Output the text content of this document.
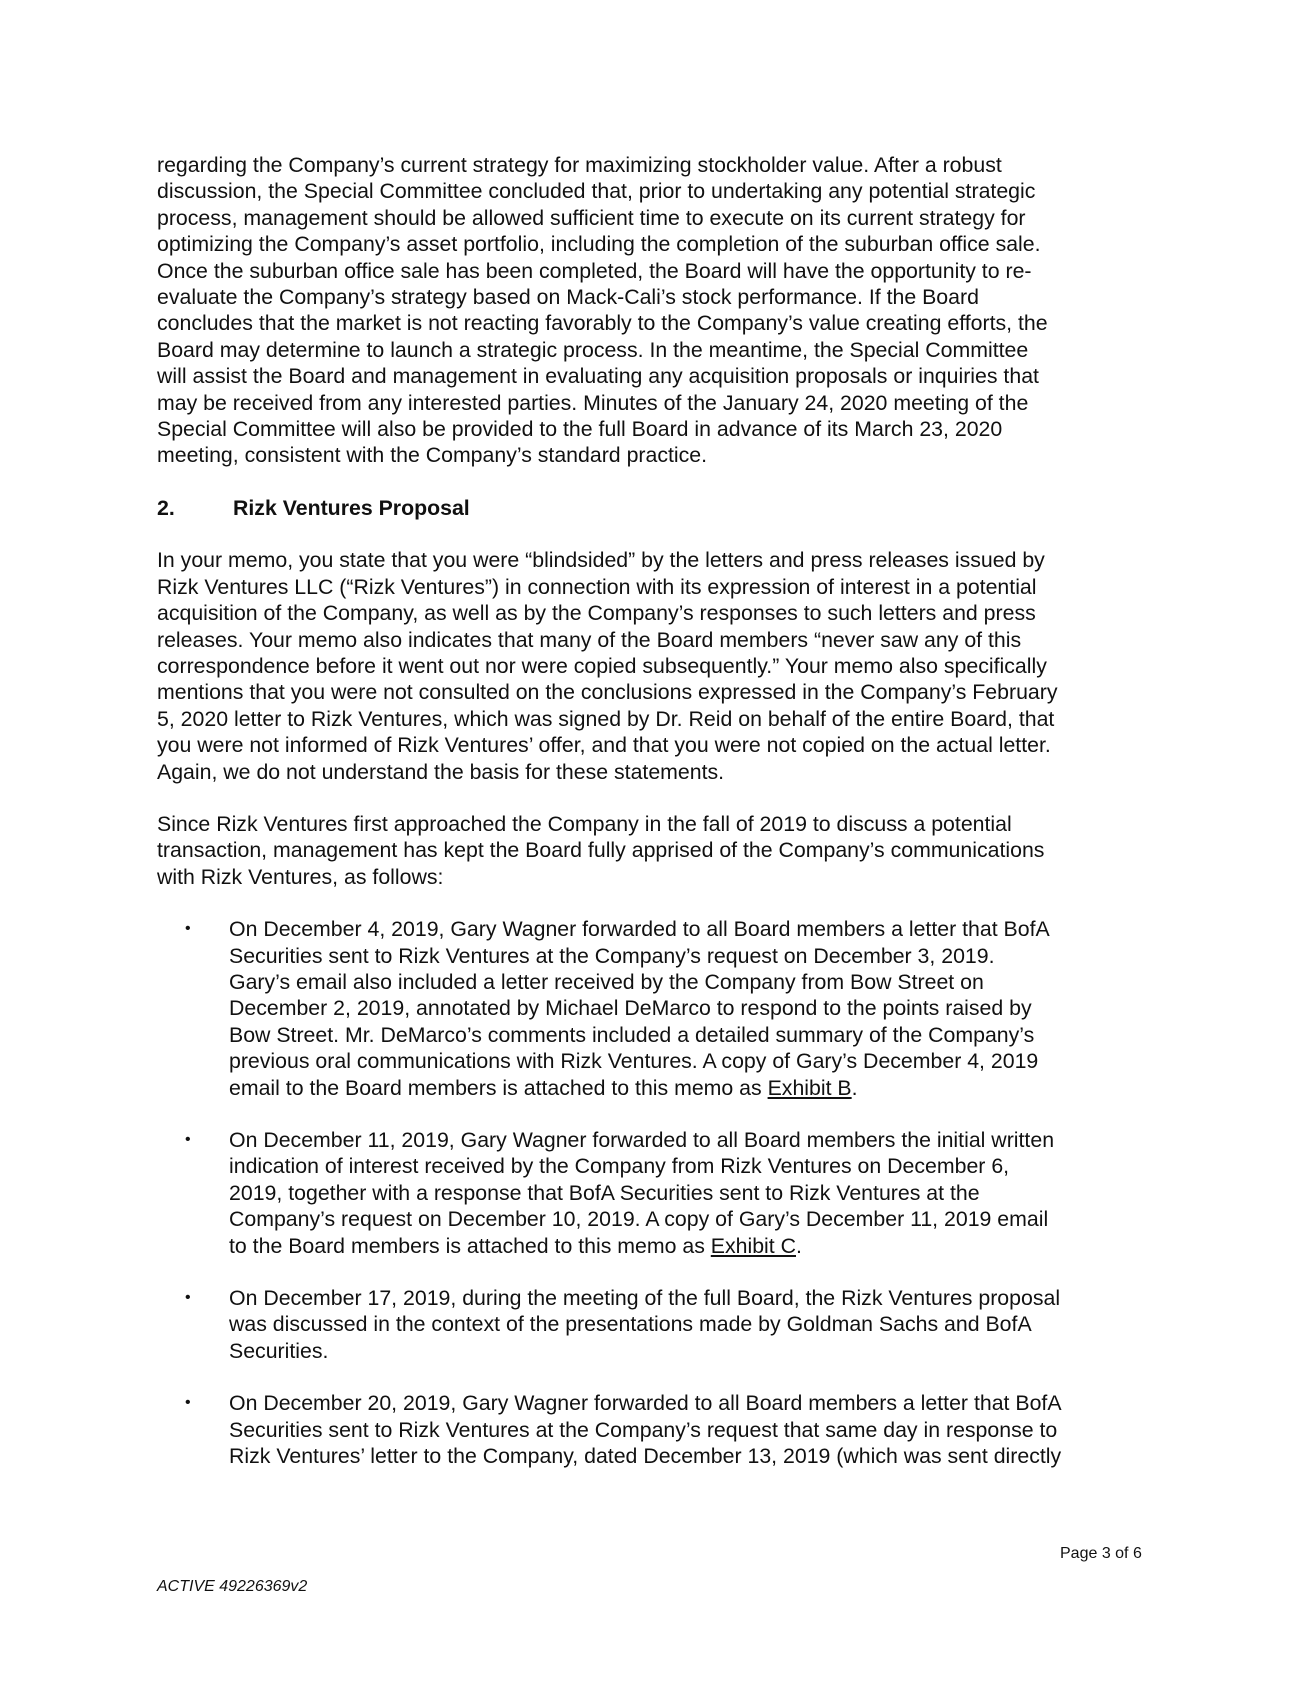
regarding the Company’s current strategy for maximizing stockholder value. After a robust
discussion, the Special Committee concluded that, prior to undertaking any potential strategic
process, management should be allowed sufficient time to execute on its current strategy for
optimizing the Company’s asset portfolio, including the completion of the suburban office sale.
Once the suburban office sale has been completed, the Board will have the opportunity to re-
evaluate the Company’s strategy based on Mack-Cali’s stock performance. If the Board
concludes that the market is not reacting favorably to the Company’s value creating efforts, the
Board may determine to launch a strategic process. In the meantime, the Special Committee
will assist the Board and management in evaluating any acquisition proposals or inquiries that
may be received from any interested parties. Minutes of the January 24, 2020 meeting of the
Special Committee will also be provided to the full Board in advance of its March 23, 2020
meeting, consistent with the Company’s standard practice.

2.	Rizk Ventures Proposal

In your memo, you state that you were “blindsided” by the letters and press releases issued by
Rizk Ventures LLC (“Rizk Ventures”) in connection with its expression of interest in a potential
acquisition of the Company, as well as by the Company’s responses to such letters and press
releases. Your memo also indicates that many of the Board members “never saw any of this
correspondence before it went out nor were copied subsequently.” Your memo also specifically
mentions that you were not consulted on the conclusions expressed in the Company’s February
5, 2020 letter to Rizk Ventures, which was signed by Dr. Reid on behalf of the entire Board, that
you were not informed of Rizk Ventures’ offer, and that you were not copied on the actual letter.
Again, we do not understand the basis for these statements.

Since Rizk Ventures first approached the Company in the fall of 2019 to discuss a potential
transaction, management has kept the Board fully apprised of the Company’s communications
with Rizk Ventures, as follows:

• On December 4, 2019, Gary Wagner forwarded to all Board members a letter that BofA
Securities sent to Rizk Ventures at the Company’s request on December 3, 2019.
Gary’s email also included a letter received by the Company from Bow Street on
December 2, 2019, annotated by Michael DeMarco to respond to the points raised by
Bow Street. Mr. DeMarco’s comments included a detailed summary of the Company’s
previous oral communications with Rizk Ventures. A copy of Gary’s December 4, 2019
email to the Board members is attached to this memo as Exhibit B.
• On December 11, 2019, Gary Wagner forwarded to all Board members the initial written
indication of interest received by the Company from Rizk Ventures on December 6,
2019, together with a response that BofA Securities sent to Rizk Ventures at the
Company’s request on December 10, 2019. A copy of Gary’s December 11, 2019 email
to the Board members is attached to this memo as Exhibit C.
• On December 17, 2019, during the meeting of the full Board, the Rizk Ventures proposal
was discussed in the context of the presentations made by Goldman Sachs and BofA
Securities.
• On December 20, 2019, Gary Wagner forwarded to all Board members a letter that BofA
Securities sent to Rizk Ventures at the Company’s request that same day in response to
Rizk Ventures’ letter to the Company, dated December 13, 2019 (which was sent directly
Page 3 of 6
ACTIVE 49226369v2
